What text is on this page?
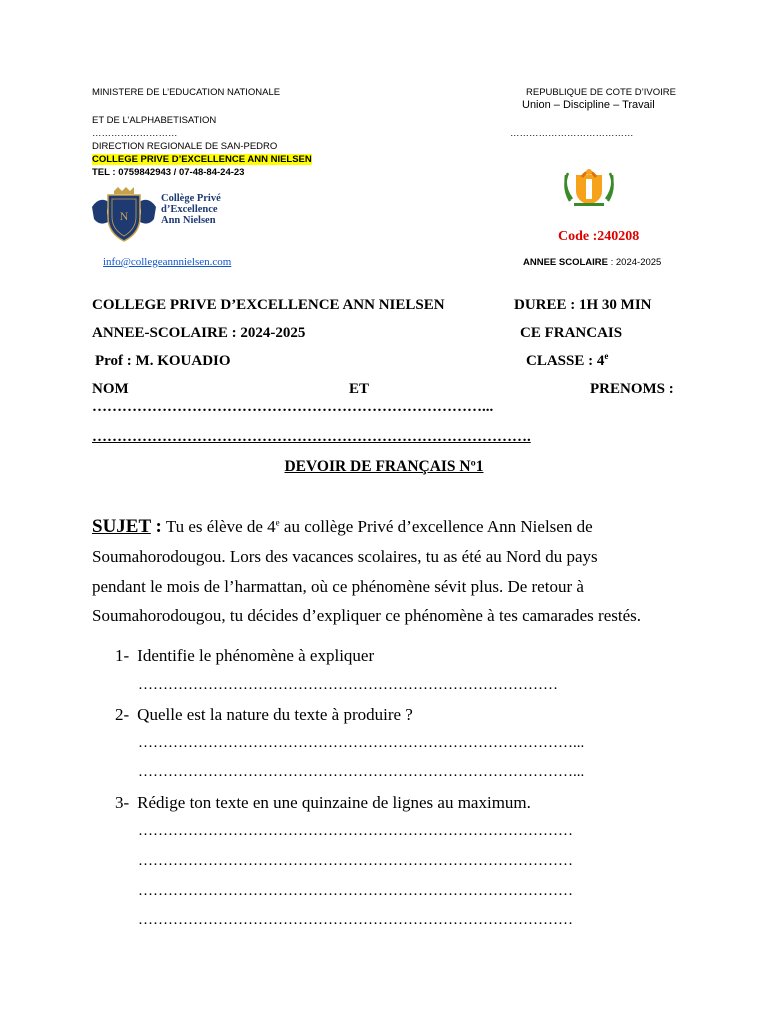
MINISTERE DE L’EDUCATION NATIONALE
ET DE L’ALPHABETISATION
………………………
DIRECTION REGIONALE DE SAN-PEDRO
COLLEGE PRIVE D’EXCELLENCE ANN NIELSEN
TEL : 0759842943 / 07-48-84-24-23
N
Collège Privé
d’Excellence
Ann Nielsen
info@collegeannnielsen.com
REPUBLIQUE DE COTE D’IVOIRE
Union – Discipline – Travail
…………………………………
Code :240208
ANNEE SCOLAIRE : 2024-2025
COLLEGE PRIVE D’EXCELLENCE ANN NIELSEN	DUREE : 1H 30 MIN
ANNEE-SCOLAIRE : 2024-2025	CE FRANCAIS
Prof : M. KOUADIO	CLASSE : 4e
NOM	ET	PRENOMS :
……………………………………………………………………...
…………………………………………………………………………….
DEVOIR DE FRANÇAIS Nº1
SUJET : Tu es élève de 4e au collège Privé d’excellence Ann Nielsen de
Soumahorodougou. Lors des vacances scolaires, tu as été au Nord du pays
pendant le mois de l’harmattan, où ce phénomène sévit plus. De retour à
Soumahorodougou, tu décides d’expliquer ce phénomène à tes camarades restés.
1- Identifie le phénomène à expliquer
…………………………………………………………………………
2- Quelle est la nature du texte à produire ?
……………………………………………………………………………...
……………………………………………………………………………...
3- Rédige ton texte en une quinzaine de lignes au maximum.
……………………………………………………………………………
……………………………………………………………………………
……………………………………………………………………………
……………………………………………………………………………
